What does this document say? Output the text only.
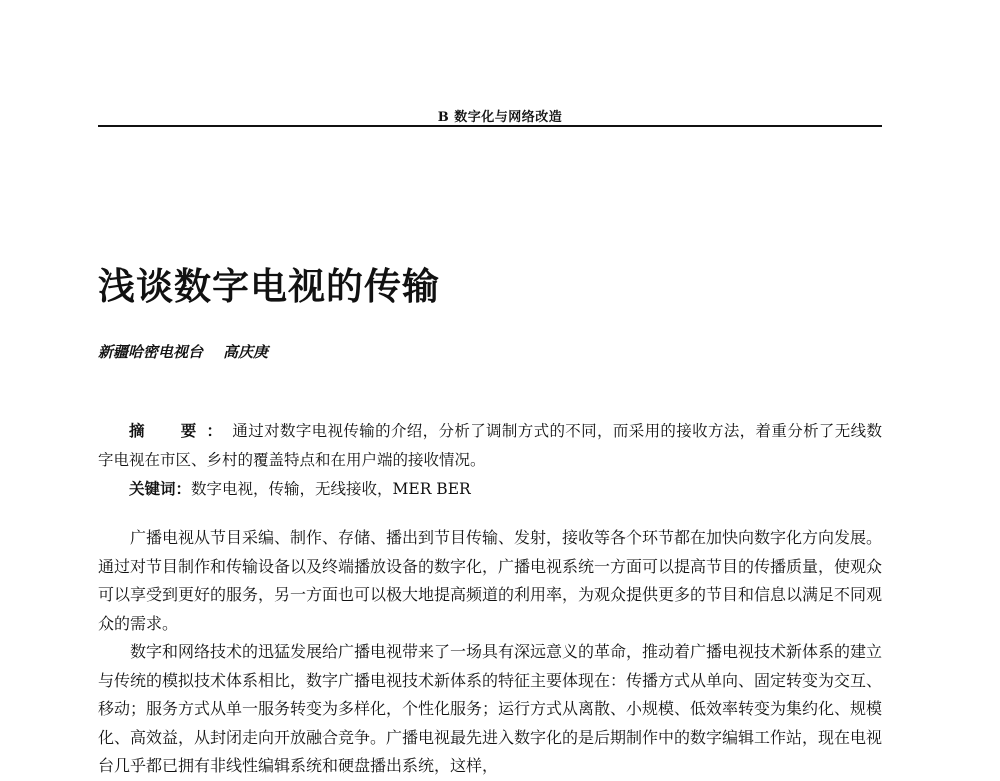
B 数字化与网络改造
浅谈数字电视的传输
新疆哈密电视台 高庆庚
摘　要：通过对数字电视传输的介绍，分析了调制方式的不同，而采用的接收方法，着重分析了无线数字电视在市区、乡村的覆盖特点和在用户端的接收情况。
关键词：数字电视，传输，无线接收，MER BER

广播电视从节目采编、制作、存储、播出到节目传输、发射，接收等各个环节都在加快向数字化方向发展。通过对节目制作和传输设备以及终端播放设备的数字化，广播电视系统一方面可以提高节目的传播质量，使观众可以享受到更好的服务，另一方面也可以极大地提高频道的利用率，为观众提供更多的节目和信息以满足不同观众的需求。

数字和网络技术的迅猛发展给广播电视带来了一场具有深远意义的革命，推动着广播电视技术新体系的建立与传统的模拟技术体系相比，数字广播电视技术新体系的特征主要体现在：传播方式从单向、固定转变为交互、移动；服务方式从单一服务转变为多样化，个性化服务；运行方式从离散、小规模、低效率转变为集约化、规模化、高效益，从封闭走向开放融合竞争。广播电视最先进入数字化的是后期制作中的数字编辑工作站，现在电视台几乎都已拥有非线性编辑系统和硬盘播出系统，这样，
